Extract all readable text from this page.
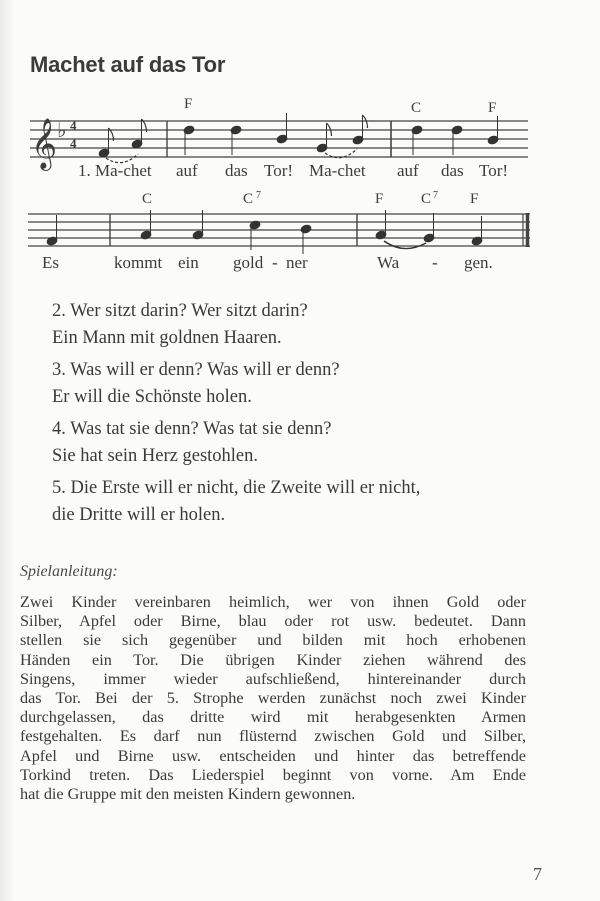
Machet auf das Tor
𝄞 ♭ 4
4
F	C	F
1. Ma-chet auf das Tor! Ma-chet auf das Tor!
C	C 7	F	C 7 F
Es	kommt ein gold - ner	Wa - gen.
2. Wer sitzt darin? Wer sitzt darin?
Ein Mann mit goldnen Haaren.
3. Was will er denn? Was will er denn?
Er will die Schönste holen.
4. Was tat sie denn? Was tat sie denn?
Sie hat sein Herz gestohlen.
5. Die Erste will er nicht, die Zweite will er nicht,
die Dritte will er holen.
Spielanleitung:
Zwei Kinder vereinbaren heimlich, wer von ihnen Gold oder
Silber, Apfel oder Birne, blau oder rot usw. bedeutet. Dann
stellen sie sich gegenüber und bilden mit hoch erhobenen
Händen ein Tor. Die übrigen Kinder ziehen während des
Singens, immer wieder aufschließend, hintereinander durch
das Tor. Bei der 5. Strophe werden zunächst noch zwei Kinder
durchgelassen, das dritte wird mit herabgesenkten Armen
festgehalten. Es darf nun flüsternd zwischen Gold und Silber,
Apfel und Birne usw. entscheiden und hinter das betreffende
Torkind treten. Das Liederspiel beginnt von vorne. Am Ende
hat die Gruppe mit den meisten Kindern gewonnen.
7
